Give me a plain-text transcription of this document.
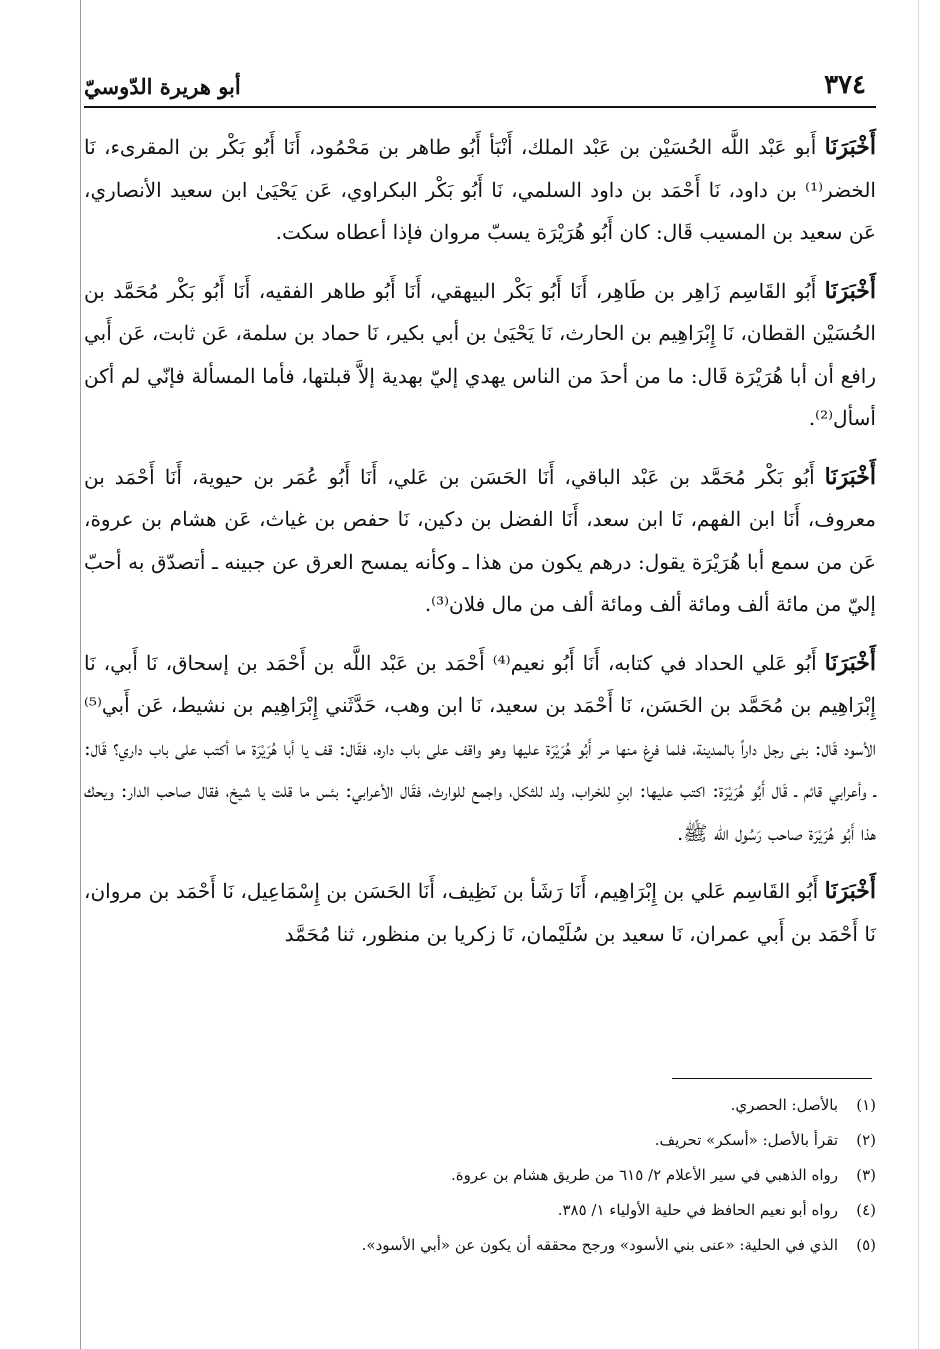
٣٧٤
أبو هريرة الدّوسيّ

أَخْبَرَنَا أَبو عَبْد اللَّه الحُسَيْن بن عَبْد الملك، أَنْبَأ أَبُو طاهر بن مَحْمُود، أَنَا أَبُو بَكْر بن المقرىء، نَا الخضر⁽¹⁾ بن داود، نَا أَحْمَد بن داود السلمي، نَا أَبُو بَكْر البكراوي، عَن يَحْيَىٰ ابن سعيد الأنصاري، عَن سعيد بن المسيب قَال: كان أَبُو هُرَيْرَة يسبّ مروان فإذا أعطاه سكت.

أَخْبَرَنَا أَبُو القَاسِم زَاهِر بن طَاهِر، أَنَا أَبُو بَكْر البيهقي، أَنَا أَبُو طاهر الفقيه، أَنَا أَبُو بَكْر مُحَمَّد بن الحُسَيْن القطان، نَا إِبْرَاهِيم بن الحارث، نَا يَحْيَىٰ بن أبي بكير، نَا حماد بن سلمة، عَن ثابت، عَن أَبي رافع أن أبا هُرَيْرَة قَال: ما من أحدَ من الناس يهدي إليّ بهدية إلاَّ قبلتها، فأما المسألة فإنّي لم أكن أسأل⁽²⁾.

أَخْبَرَنَا أَبُو بَكْر مُحَمَّد بن عَبْد الباقي، أَنَا الحَسَن بن عَلي، أَنَا أَبُو عُمَر بن حيوية، أَنَا أَحْمَد بن معروف، أَنَا ابن الفهم، نَا ابن سعد، أَنَا الفضل بن دكين، نَا حفص بن غياث، عَن هشام بن عروة، عَن من سمع أبا هُرَيْرَة يقول: درهم يكون من هذا ـ وكأنه يمسح العرق عن جبينه ـ أتصدّق به أحبّ إليّ من مائة ألف ومائة ألف ومائة ألف من مال فلان⁽³⁾.

أَخْبَرَنَا أَبُو عَلي الحداد في كتابه، أَنَا أَبُو نعيم⁽⁴⁾ أَحْمَد بن عَبْد اللَّه بن أَحْمَد بن إسحاق، نَا أَبي، نَا إِبْرَاهِيم بن مُحَمَّد بن الحَسَن، نَا أَحْمَد بن سعيد، نَا ابن وهب، حَدَّثَني إِبْرَاهِيم بن نشيط، عَن أَبي⁽⁵⁾ الأسود قَال: بنى رجل داراً بالمدينة، فلما فرغ منها مر أَبُو هُرَيْرَة عليها وهو واقف على باب داره، فقَال: قف يا أبا هُرَيْرَة ما أكتب على باب داري؟ قَال: ـ وأعرابي قائم ـ قَال أَبُو هُرَيْرَة: اكتب عليها: ابنِ للخراب، ولد للثكل، واجمع للوارث، فقَال الأعرابي: بئس ما قلت يا شيخ، فقال صاحب الدار: ويحك هذا أَبُو هُرَيْرَة صاحب رَسُول الله ﷺ.

أَخْبَرَنَا أَبُو القَاسِم عَلي بن إِبْرَاهِيم، أَنَا رَشَأ بن نَظِيف، أَنَا الحَسَن بن إِسْمَاعِيل، نَا أَحْمَد بن مروان، نَا أَحْمَد بن أَبي عمران، نَا سعيد بن سُلَيْمان، نَا زكريا بن منظور، ثنا مُحَمَّد

(١)
بالأصل: الحصري.
(٢)
تقرأ بالأصل: «أسكر» تحريف.
(٣)
رواه الذهبي في سير الأعلام ٢/ ٦١٥ من طريق هشام بن عروة.
(٤)
رواه أبو نعيم الحافظ في حلية الأولياء ١/ ٣٨٥.
(٥)
الذي في الحلية: «عنى بني الأسود» ورجح محققه أن يكون عن «أبي الأسود».
